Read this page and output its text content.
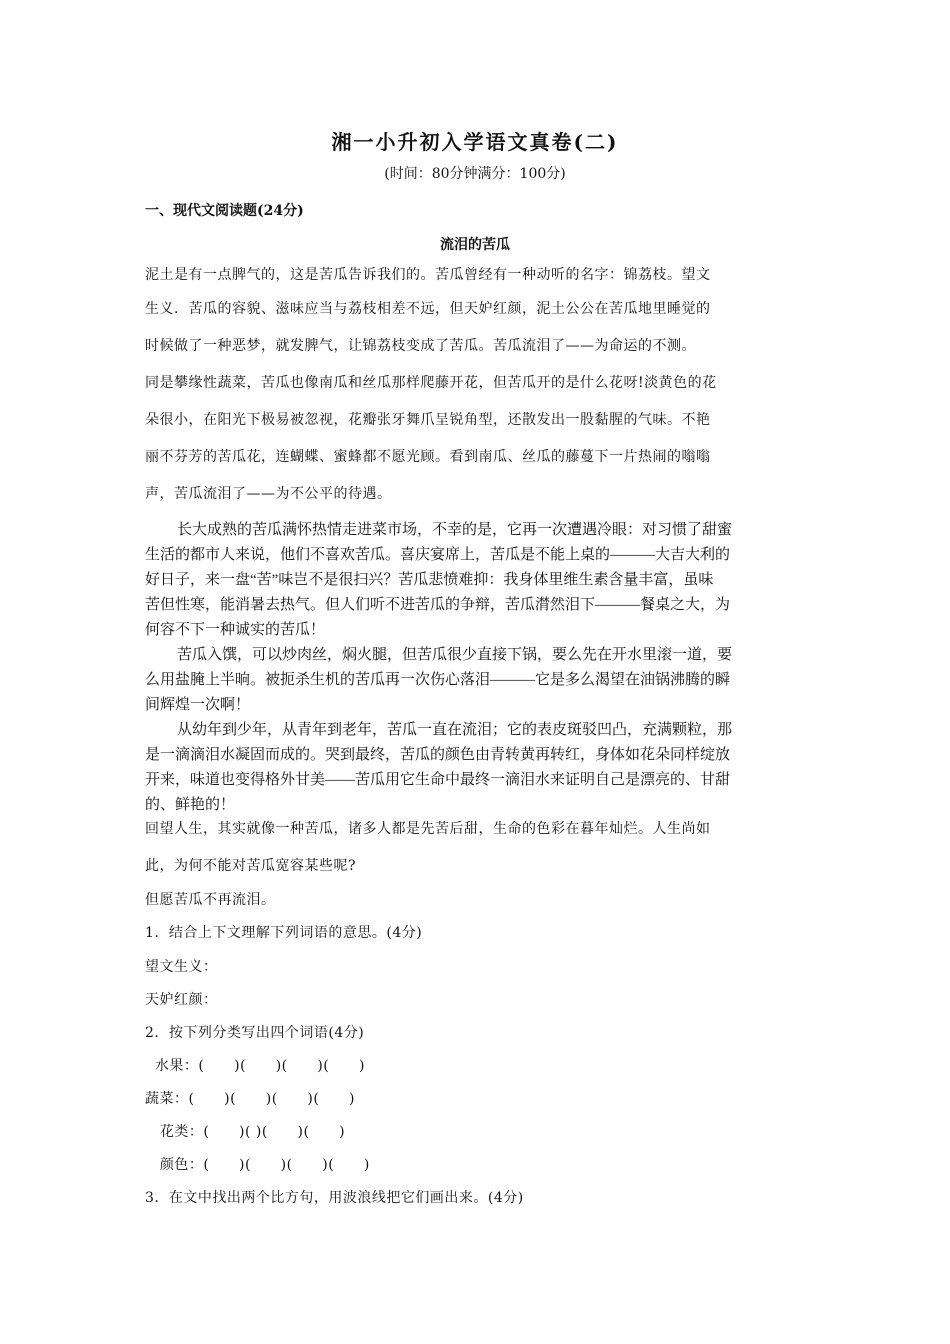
湘一小升初入学语文真卷(二)
(时间：80分钟满分：100分)
一、现代文阅读题(24分)
流泪的苦瓜
泥土是有一点脾气的，这是苦瓜告诉我们的。苦瓜曾经有一种动听的名字：锦荔枝。望文
生义．苦瓜的容貌、滋味应当与荔枝相差不远，但天妒红颜，泥土公公在苦瓜地里睡觉的
时候做了一种恶梦，就发脾气，让锦荔枝变成了苦瓜。苦瓜流泪了——为命运的不测。
同是攀缘性蔬菜，苦瓜也像南瓜和丝瓜那样爬藤开花，但苦瓜开的是什么花呀!淡黄色的花
朵很小，在阳光下极易被忽视，花瓣张牙舞爪呈锐角型，还散发出一股黏腥的气味。不艳
丽不芬芳的苦瓜花，连蝴蝶、蜜蜂都不愿光顾。看到南瓜、丝瓜的藤蔓下一片热闹的嗡嗡
声，苦瓜流泪了——为不公平的待遇。
长大成熟的苦瓜满怀热情走进菜市场，不幸的是，它再一次遭遇冷眼：对习惯了甜蜜
生活的都市人来说，他们不喜欢苦瓜。喜庆宴席上，苦瓜是不能上桌的———大吉大利的
好日子，来一盘“苦”味岂不是很扫兴？苦瓜悲愤难抑：我身体里维生素含量丰富，虽味
苦但性寒，能消暑去热气。但人们听不进苦瓜的争辩，苦瓜潸然泪下———餐桌之大，为
何容不下一种诚实的苦瓜！
苦瓜入馔，可以炒肉丝，焖火腿，但苦瓜很少直接下锅，要么先在开水里滚一道，要
么用盐腌上半晌。被扼杀生机的苦瓜再一次伤心落泪———它是多么渴望在油锅沸腾的瞬
间辉煌一次啊！
从幼年到少年，从青年到老年，苦瓜一直在流泪；它的表皮斑驳凹凸，充满颗粒，那
是一滴滴泪水凝固而成的。哭到最终，苦瓜的颜色由青转黄再转红，身体如花朵同样绽放
开来，味道也变得格外甘美——苦瓜用它生命中最终一滴泪水来证明自己是漂亮的、甘甜
的、鲜艳的！
回望人生，其实就像一种苦瓜，诸多人都是先苦后甜，生命的色彩在暮年灿烂。人生尚如
此，为何不能对苦瓜宽容某些呢?
但愿苦瓜不再流泪。
1．结合上下文理解下列词语的意思。(4分)
望文生义：
天妒红颜：
2．按下列分类写出四个词语(4分)
水果：(      )(      )(      )(      )
蔬菜：(      )(      )(      )(      )
花类：(      )( )(      )(      )
颜色：(      )(      )(      )(      )
3．在文中找出两个比方句，用波浪线把它们画出来。(4分)
